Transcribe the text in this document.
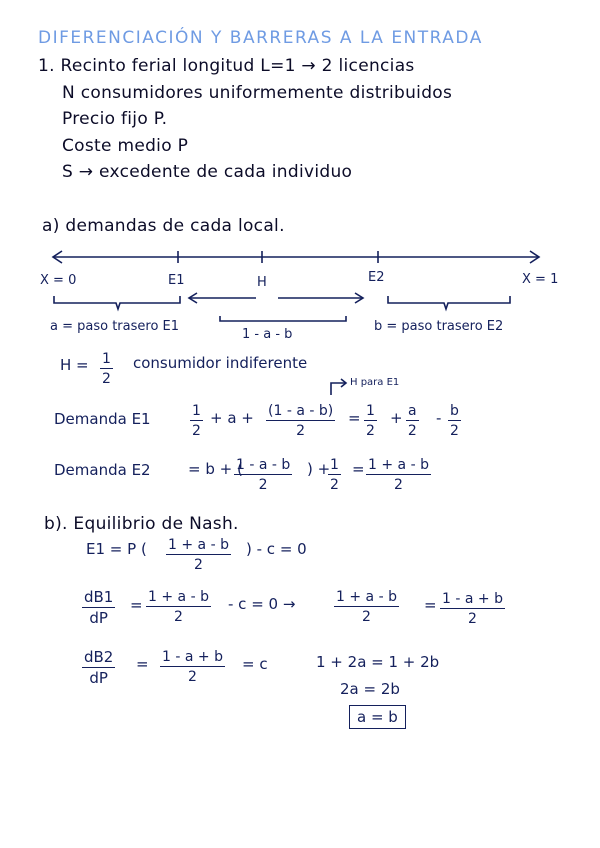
DIFERENCIACIÓN Y BARRERAS A LA ENTRADA
1. Recinto ferial longitud L=1 → 2 licencias
N consumidores uniformemente distribuidos
Precio fijo P.
Coste medio P
S → excedente de cada individuo
a) demandas de cada local.
X = 0	E1	H	E2	X = 1
a = paso trasero E1
1 - a - b
b = paso trasero E2
$H = \frac{1}{2}$ consumidor indiferente
H para E1
Demanda E1	$\frac{1}{2} + a + \frac{(1 - a - b)}{2} = \frac{1}{2} + \frac{a}{2} - \frac{b}{2}$
Demanda E2 = b + (
$\frac{1 - a - b}{2}$ ) +
$\frac{1}{2} = \frac{1 + a - b}{2}$
b). Equilibrio de Nash.
E1 = P ( $\frac{1 + a - b}{2}$ ) - c = 0
$\frac{dB1}{dP} = \frac{1 + a - b}{2} - c = 0$ →	$\frac{1 + a - b}{2} = \frac{1 - a + b}{2}$
$\frac{dB2}{dP} = \frac{1 - a + b}{2} = c$	1 + 2a = 1 + 2b
2a = 2b
a = b
